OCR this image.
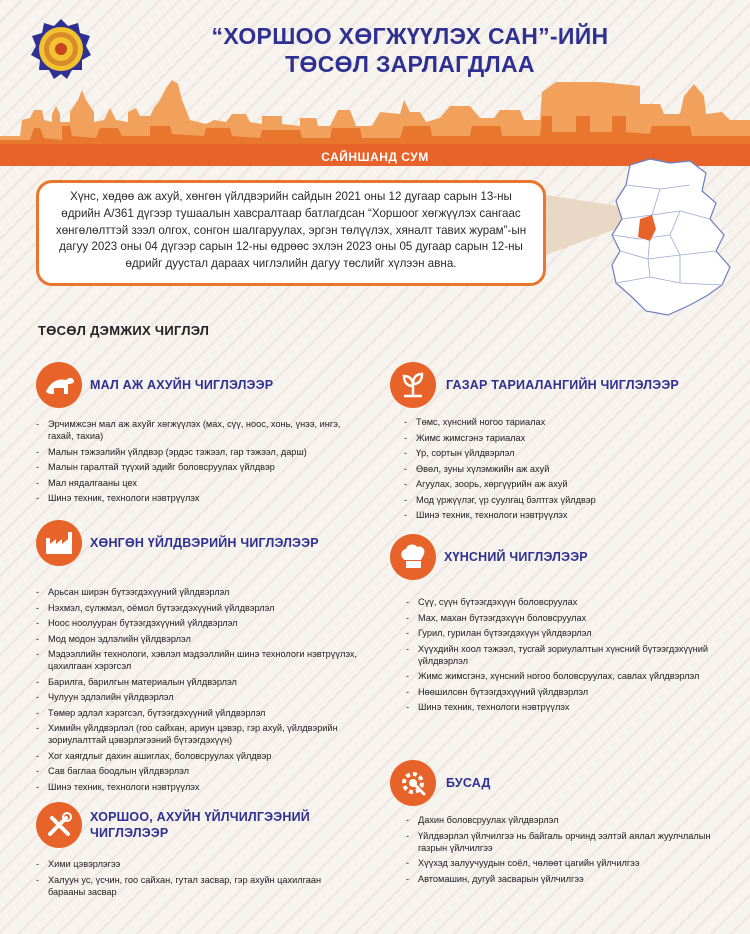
“ХОРШОО ХӨГЖҮҮЛЭХ САН”-ИЙН
ТӨСӨЛ ЗАРЛАГДЛАА
САЙНШАНД СУМ
Хүнс, хөдөө аж ахуй, хөнгөн үйлдвэрийн сайдын 2021 оны 12 дугаар сарын 13-ны өдрийн А/361 дүгээр тушаалын хавсралтаар батлагдсан “Хоршоог хөгжүүлэх сангаас хөнгөлөлттэй зээл олгох, сонгон шалгаруулах, эргэн төлүүлэх, хяналт тавих журам”-ын дагуу 2023 оны 04 дүгээр сарын 12-ны өдрөөс эхлэн 2023 оны 05 дугаар сарын 12-ны өдрийг дуустал дараах чиглэлийн дагуу төслийг хүлээн авна.
ТӨСӨЛ ДЭМЖИХ ЧИГЛЭЛ
МАЛ АЖ АХУЙН ЧИГЛЭЛЭЭР
- Эрчимжсэн мал аж ахуйг хөгжүүлэх (мах, сүү, ноос, хонь, үнээ, ингэ, гахай, тахиа)
- Малын тэжээлийн үйлдвэр (эрдэс тэжээл, гар тэжээл, дарш)
- Малын гаралтай түүхий эдийг боловсруулах үйлдвэр
- Мал нядалгааны цех
- Шинэ техник, технологи нэвтрүүлэх
ХӨНГӨН ҮЙЛДВЭРИЙН ЧИГЛЭЛЭЭР
- Арьсан ширэн бүтээгдэхүүний үйлдвэрлэл
- Нэхмэл, сүлжмэл, оёмол бүтээгдэхүүний үйлдвэрлэл
- Ноос ноолууран бүтээгдэхүүний үйлдвэрлэл
- Мод модон эдлэлийн үйлдвэрлэл
- Мэдээллийн технологи, хэвлэл мэдээллийн шинэ технологи нэвтрүүлэх, цахилгаан хэрэгсэл
- Барилга, барилгын материалын үйлдвэрлэл
- Чулуун эдлэлийн үйлдвэрлэл
- Төмөр эдлэл хэрэгсэл, бүтээгдэхүүний үйлдвэрлэл
- Химийн үйлдвэрлэл (гоо сайхан, ариун цэвэр, гэр ахуй, үйлдвэрийн зориулалттай цэвэрлэгээний бүтээгдэхүүн)
- Хог хаягдлыг дахин ашиглах, боловсруулах үйлдвэр
- Сав баглаа боодлын үйлдвэрлэл
- Шинэ техник, технологи нэвтрүүлэх
ХОРШОО, АХУЙН ҮЙЛЧИЛГЭЭНИЙ
ЧИГЛЭЛЭЭР
- Хими цэвэрлэгээ
- Халуун ус, үсчин, гоо сайхан, гутал засвар, гэр ахуйн цахилгаан барааны засвар
ГАЗАР ТАРИАЛАНГИЙН ЧИГЛЭЛЭЭР
- Төмс, хүнсний ногоо тариалах
- Жимс жимсгэнэ тариалах
- Үр, сортын үйлдвэрлэл
- Өвөл, зуны хүлэмжийн аж ахуй
- Агуулах, зоорь, хөргүүрийн аж ахуй
- Мод үржүүлэг, үр суулгац бэлтгэх үйлдвэр
- Шинэ техник, технологи нэвтрүүлэх
ХҮНСНИЙ ЧИГЛЭЛЭЭР
- Сүү, сүүн бүтээгдэхүүн боловсруулах
- Мах, махан бүтээгдэхүүн боловсруулах
- Гурил, гурилан бүтээгдэхүүн үйлдвэрлэл
- Хүүхдийн хоол тэжээл, тусгай зориулалтын хүнсний бүтээгдэхүүний үйлдвэрлэл
- Жимс жимсгэнэ, хүнсний ногоо боловсруулах, савлах үйлдвэрлэл
- Нөөшилсөн бүтээгдэхүүний үйлдвэрлэл
- Шинэ техник, технологи нэвтрүүлэх
БУСАД
- Дахин боловсруулах үйлдвэрлэл
- Үйлдвэрлэл үйлчилгээ нь байгаль орчинд ээлтэй аялал жуулчлалын газрын үйлчилгээ
- Хүүхэд залуучуудын соёл, чөлөөт цагийн үйлчилгээ
- Автомашин, дугуй засварын үйлчилгээ
